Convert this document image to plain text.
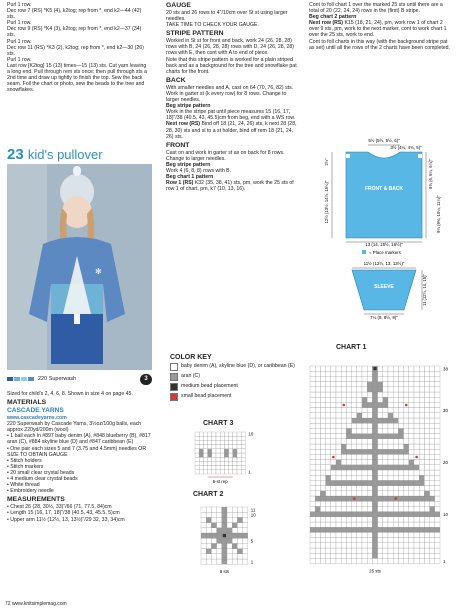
Purl 1 row.
Dec row 7 (RS) *K5 (4), k2tog; rep from *, end k2—44 (42) sts.
Purl 1 row.
Dec row 9 (RS) *K4 (3), k2tog; rep from *, end k2—37 (34) sts.
Purl 1 row.
Dec row 11 (RS) *K3 (2), k2tog; rep from *, end k2—30 (26) sts.
Purl 1 row.
Last row [K2tog] 15 (13) times—15 (13) sts. Cut yarn leaving a long end. Pull through rem sts once; then pull through sts a 2nd time and draw up tightly to finish the top. Sew the back seam. Foll the chart or photo, sew the beads to the tree and snowflakes.
23 kid's pullover
✻
220 Superwash	3
Sized for child's 2, 4, 6, 8. Shown in size 4 on page 45.
MATERIALS
CASCADE YARNS
www.cascadeyarns.com
220 Superwash by Cascade Yarns, 3½oz/100g balls, each approx 220yd/200m (wool)
• 1 ball each in #897 baby denim (A), #848 blueberry (B), #817 aran (C), #884 skyline blue (D) and #847 caribbean (E)
• One pair each sizes 5 and 7 (3.75 and 4.5mm) needles OR SIZE TO OBTAIN GAUGE
• Stitch holders
• Stitch markers
• 20 small clear crystal beads
• 4 medium clear crystal beads
• White thread
• Embroidery needle
MEASUREMENTS
• Chest 26 (28, 30½, 33)"/66 (71, 77.5, 84)cm
• Length 15 (16, 17, 18)"/38 (40.5, 43, 45.5, 5)cm
• Upper arm 11½ (12½, 13, 13½)"/29 32, 33, 34)cm
GAUGE
20 sts and 26 rows to 4"/10cm over St st using larger needles.
TAKE TIME TO CHECK YOUR GAUGE.
STRIPE PATTERN
Worked in St st for front and back, work 24 (26, 28, 28) rows with B, 24 (26, 28, 28) rows with D, 24 (26, 28, 28) rows with E, then cont with A to end of piece.
Note that this stripe pattern is worked for a plain striped back and as a background for the tree and snowflake pat charts for the front.
BACK
With smaller needles and A, cast on 64 (70, 76, 82) sts. Work in garter st (k every row) for 8 rows. Change to larger needles.
Beg stripe pattern
Work in the stripe pat until piece measures 15 (16, 17, 18)"/38 (40.5, 43, 45.5)cm from beg, end with a WS row.
Next row (RS) Bind off 18 (21, 24, 26) sts, k next 28 (28, 28, 30) sts and sl to a st holder, bind off rem 18 (21, 24, 26) sts.
FRONT
Cast on and work in garter st as on back for 8 rows. Change to larger needles.
Beg stripe pattern
Work 4 (6, 8, 8) rows with B.
Beg chart 1 pattern
Row 1 (RS) K32 (35, 38, 41) sts, pm, work the 25 sts of row 1 of chart, pm, k7 (10, 13, 16).
Cont to foll chart 1 over the marked 25 sts until there are a total of 20 (22, 24, 24) rows in the (first) B stripe.
Beg chart 2 pattern
Next row (RS) K15 (18, 21, 24), pm, work row 1 of chart 2 over 9 sts, pm, work to the next marker, cont to work chart 1 over the 25 sts, work to end.
Cont to foll charts in this way (with the background stripe pat as set) until all the rows of the 2 charts have been completed.
5½ (5½, 5½, 6)"
3½ (4¼, 4¾, 5)"
FRONT & BACK
2½"
12½ (13½, 14½, 15½)"
5¾ (6, 6¼, 6½)"
9¼ (9¾, 10¼, 11¼)"
13 (14, 15½, 16½)"
= Place markers
11½ (12½, 13, 13½)"
SLEEVE	11 (12½, 14, 15)"
7¼ (8, 8½, 9)"
COLOR KEY
baby denim (A), skyline blue (D), or caribbean (E)
aran (C)
medium bead placement
small bead placement
CHART 3
10
1
6-st rep
CHART 2
11
10
5
1
9 sts
CHART 1
38
30
20
10
1
25 sts
72 www.knitsimplemag.com
